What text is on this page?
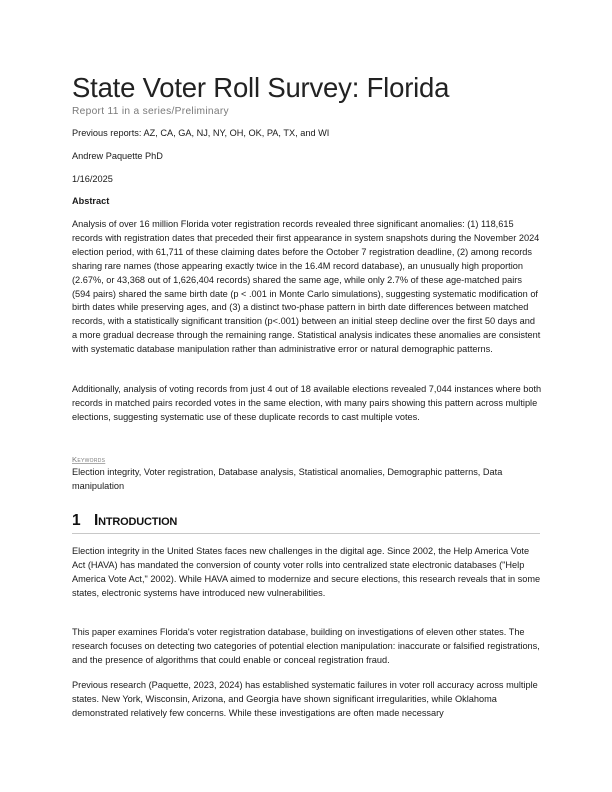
State Voter Roll Survey: Florida
Report 11 in a series/Preliminary
Previous reports: AZ, CA, GA, NJ, NY, OH, OK, PA, TX, and WI
Andrew Paquette PhD
1/16/2025
Abstract
Analysis of over 16 million Florida voter registration records revealed three significant anomalies: (1) 118,615 records with registration dates that preceded their first appearance in system snapshots during the November 2024 election period, with 61,711 of these claiming dates before the October 7 registration deadline, (2) among records sharing rare names (those appearing exactly twice in the 16.4M record database), an unusually high proportion (2.67%, or 43,368 out of 1,626,404 records) shared the same age, while only 2.7% of these age-matched pairs (594 pairs) shared the same birth date (p < .001 in Monte Carlo simulations), suggesting systematic modification of birth dates while preserving ages, and (3) a distinct two-phase pattern in birth date differences between matched records, with a statistically significant transition (p<.001) between an initial steep decline over the first 50 days and a more gradual decrease through the remaining range. Statistical analysis indicates these anomalies are consistent with systematic database manipulation rather than administrative error or natural demographic patterns.
Additionally, analysis of voting records from just 4 out of 18 available elections revealed 7,044 instances where both records in matched pairs recorded votes in the same election, with many pairs showing this pattern across multiple elections, suggesting systematic use of these duplicate records to cast multiple votes.
Keywords
Election integrity, Voter registration, Database analysis, Statistical anomalies, Demographic patterns, Data manipulation
1 Introduction
Election integrity in the United States faces new challenges in the digital age. Since 2002, the Help America Vote Act (HAVA) has mandated the conversion of county voter rolls into centralized state electronic databases ("Help America Vote Act," 2002). While HAVA aimed to modernize and secure elections, this research reveals that in some states, electronic systems have introduced new vulnerabilities.
This paper examines Florida's voter registration database, building on investigations of eleven other states. The research focuses on detecting two categories of potential election manipulation: inaccurate or falsified registrations, and the presence of algorithms that could enable or conceal registration fraud.
Previous research (Paquette, 2023, 2024) has established systematic failures in voter roll accuracy across multiple states. New York, Wisconsin, Arizona, and Georgia have shown significant irregularities, while Oklahoma demonstrated relatively few concerns. While these investigations are often made necessary
